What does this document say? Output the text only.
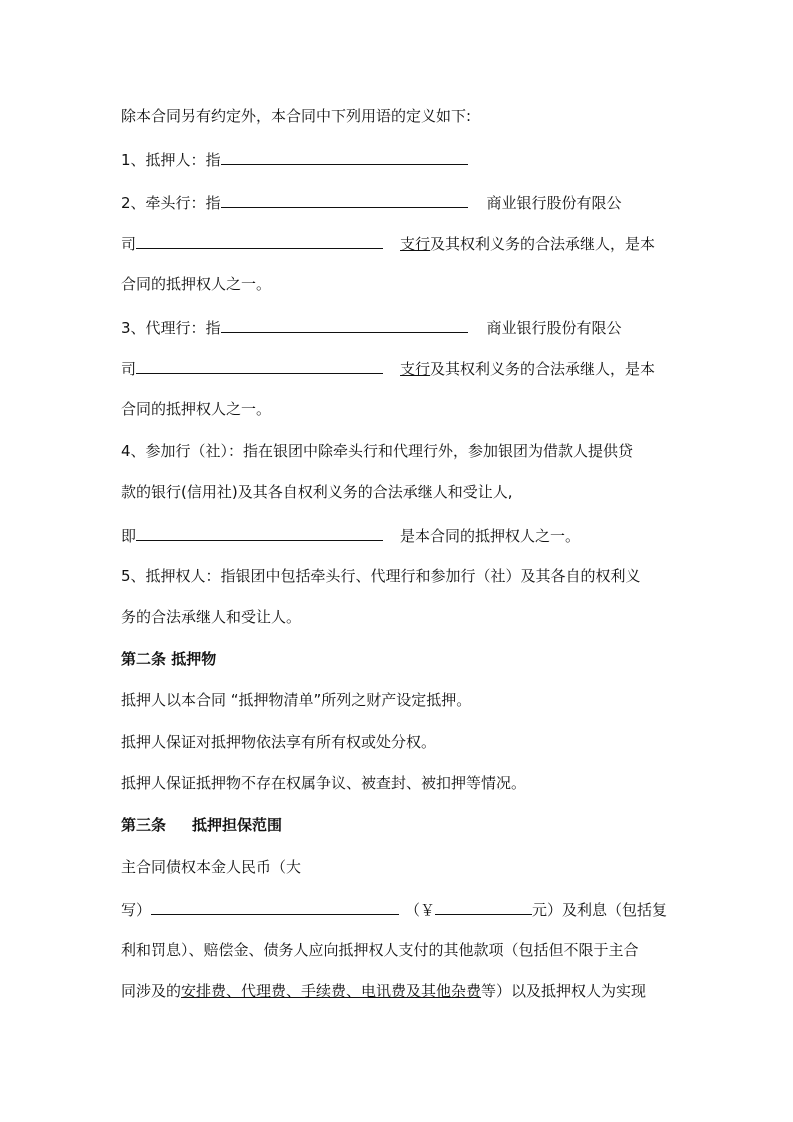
除本合同另有约定外，本合同中下列用语的定义如下:
1、抵押人：指
2、牵头行：指	商业银行股份有限公
司	支行及其权利义务的合法承继人，是本
合同的抵押权人之一。
3、代理行：指	商业银行股份有限公
司	支行及其权利义务的合法承继人，是本
合同的抵押权人之一。
4、参加行（社）：指在银团中除牵头行和代理行外，参加银团为借款人提供贷
款的银行(信用社)及其各自权利义务的合法承继人和受让人,
即	是本合同的抵押权人之一。
5、抵押权人：指银团中包括牵头行、代理行和参加行（社）及其各自的权利义
务的合法承继人和受让人。
第二条 抵押物
抵押人以本合同 “抵押物清单”所列之财产设定抵押。
抵押人保证对抵押物依法享有所有权或处分权。
抵押人保证抵押物不存在权属争议、被查封、被扣押等情况。
第三条 抵押担保范围
主合同债权本金人民币（大
写）	（￥	元）及利息（包括复
利和罚息）、赔偿金、债务人应向抵押权人支付的其他款项（包括但不限于主合
同涉及的安排费、代理费、手续费、电讯费及其他杂费等）以及抵押权人为实现
